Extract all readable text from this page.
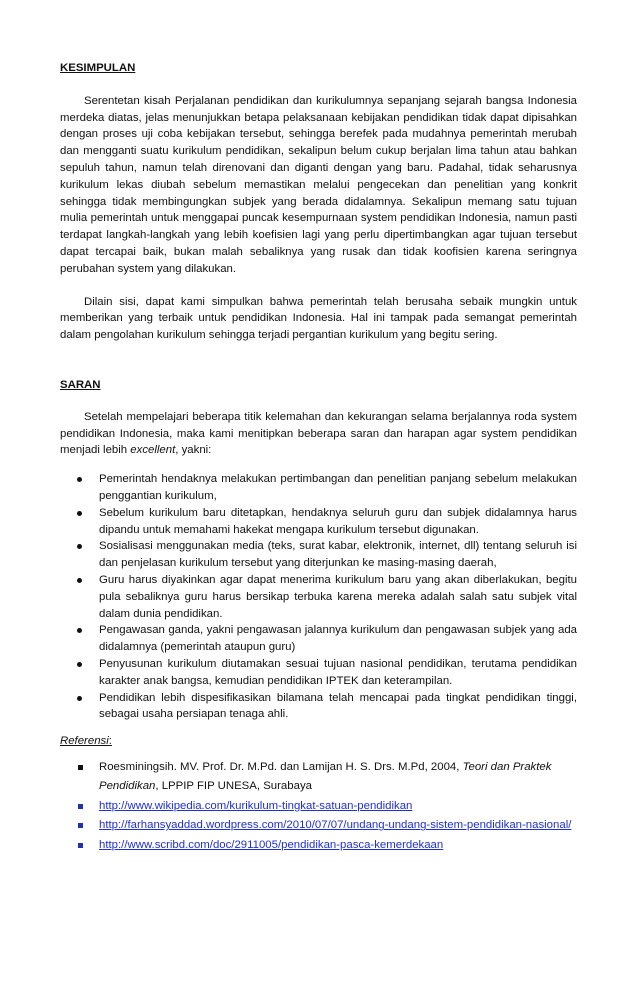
KESIMPULAN

Serentetan kisah Perjalanan pendidikan dan kurikulumnya sepanjang sejarah bangsa Indonesia merdeka diatas, jelas menunjukkan betapa pelaksanaan kebijakan pendidikan tidak dapat dipisahkan dengan proses uji coba kebijakan tersebut, sehingga berefek pada mudahnya pemerintah merubah dan mengganti suatu kurikulum pendidikan, sekalipun belum cukup berjalan lima tahun atau bahkan sepuluh tahun, namun telah direnovani dan diganti dengan yang baru. Padahal, tidak seharusnya kurikulum lekas diubah sebelum memastikan melalui pengecekan dan penelitian yang konkrit sehingga tidak membingungkan subjek yang berada didalamnya. Sekalipun memang satu tujuan mulia pemerintah untuk menggapai puncak kesempurnaan system pendidikan Indonesia, namun pasti terdapat langkah-langkah yang lebih koefisien lagi yang perlu dipertimbangkan agar tujuan tersebut dapat tercapai baik, bukan malah sebaliknya yang rusak dan tidak koofisien karena seringnya perubahan system yang dilakukan.

Dilain sisi, dapat kami simpulkan bahwa pemerintah telah berusaha sebaik mungkin untuk memberikan yang terbaik untuk pendidikan Indonesia. Hal ini tampak pada semangat pemerintah dalam pengolahan kurikulum sehingga terjadi pergantian kurikulum yang begitu sering.

SARAN

Setelah mempelajari beberapa titik kelemahan dan kekurangan selama berjalannya roda system pendidikan Indonesia, maka kami menitipkan beberapa saran dan harapan agar system pendidikan menjadi lebih excellent, yakni:

Pemerintah hendaknya melakukan pertimbangan dan penelitian panjang sebelum melakukan penggantian kurikulum,
Sebelum kurikulum baru ditetapkan, hendaknya seluruh guru dan subjek didalamnya harus dipandu untuk memahami hakekat mengapa kurikulum tersebut digunakan.
Sosialisasi menggunakan media (teks, surat kabar, elektronik, internet, dll) tentang seluruh isi dan penjelasan kurikulum tersebut yang diterjunkan ke masing-masing daerah,
Guru harus diyakinkan agar dapat menerima kurikulum baru yang akan diberlakukan, begitu pula sebaliknya guru harus bersikap terbuka karena mereka adalah salah satu subjek vital dalam dunia pendidikan.
Pengawasan ganda, yakni pengawasan jalannya kurikulum dan pengawasan subjek yang ada didalamnya (pemerintah ataupun guru)
Penyusunan kurikulum diutamakan sesuai tujuan nasional pendidikan, terutama pendidikan karakter anak bangsa, kemudian pendidikan IPTEK dan keterampilan.
Pendidikan lebih dispesifikasikan bilamana telah mencapai pada tingkat pendidikan tinggi, sebagai usaha persiapan tenaga ahli.
Referensi:
Roesminingsih. MV. Prof. Dr. M.Pd. dan Lamijan H. S. Drs. M.Pd, 2004, Teori dan Praktek Pendidikan, LPPIP FIP UNESA, Surabaya
http://www.wikipedia.com/kurikulum-tingkat-satuan-pendidikan
http://farhansyaddad.wordpress.com/2010/07/07/undang-undang-sistem-pendidikan-nasional/
http://www.scribd.com/doc/2911005/pendidikan-pasca-kemerdekaan
